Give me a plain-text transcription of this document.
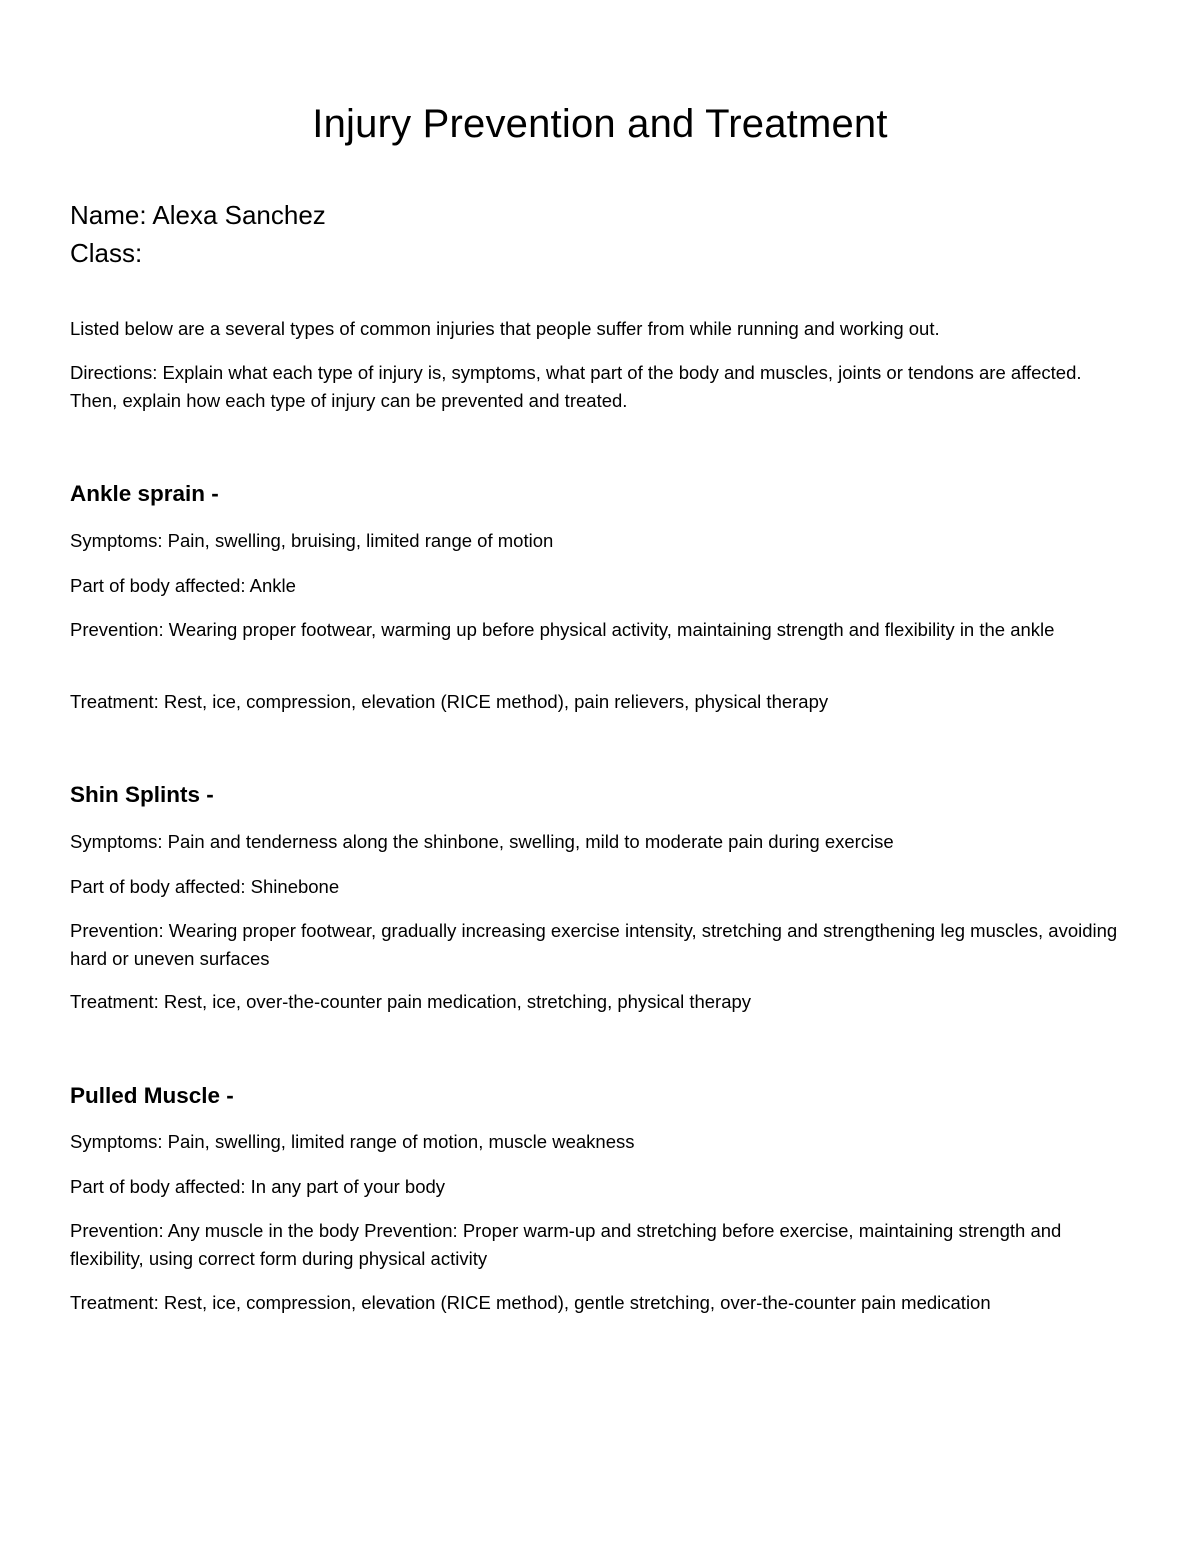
Injury Prevention and Treatment
Name: Alexa Sanchez
Class:

Listed below are a several types of common injuries that people suffer from while running and working out.

Directions: Explain what each type of injury is, symptoms, what part of the body and muscles, joints or tendons are affected. Then, explain how each type of injury can be prevented and treated.

Ankle sprain -

Symptoms: Pain, swelling, bruising, limited range of motion

Part of body affected: Ankle

Prevention: Wearing proper footwear, warming up before physical activity, maintaining strength and flexibility in the ankle

Treatment: Rest, ice, compression, elevation (RICE method), pain relievers, physical therapy

Shin Splints -

Symptoms: Pain and tenderness along the shinbone, swelling, mild to moderate pain during exercise

Part of body affected: Shinebone

Prevention: Wearing proper footwear, gradually increasing exercise intensity, stretching and strengthening leg muscles, avoiding hard or uneven surfaces

Treatment: Rest, ice, over-the-counter pain medication, stretching, physical therapy

Pulled Muscle -

Symptoms: Pain, swelling, limited range of motion, muscle weakness

Part of body affected: In any part of your body

Prevention: Any muscle in the body Prevention: Proper warm-up and stretching before exercise, maintaining strength and flexibility, using correct form during physical activity

Treatment: Rest, ice, compression, elevation (RICE method), gentle stretching, over-the-counter pain medication
